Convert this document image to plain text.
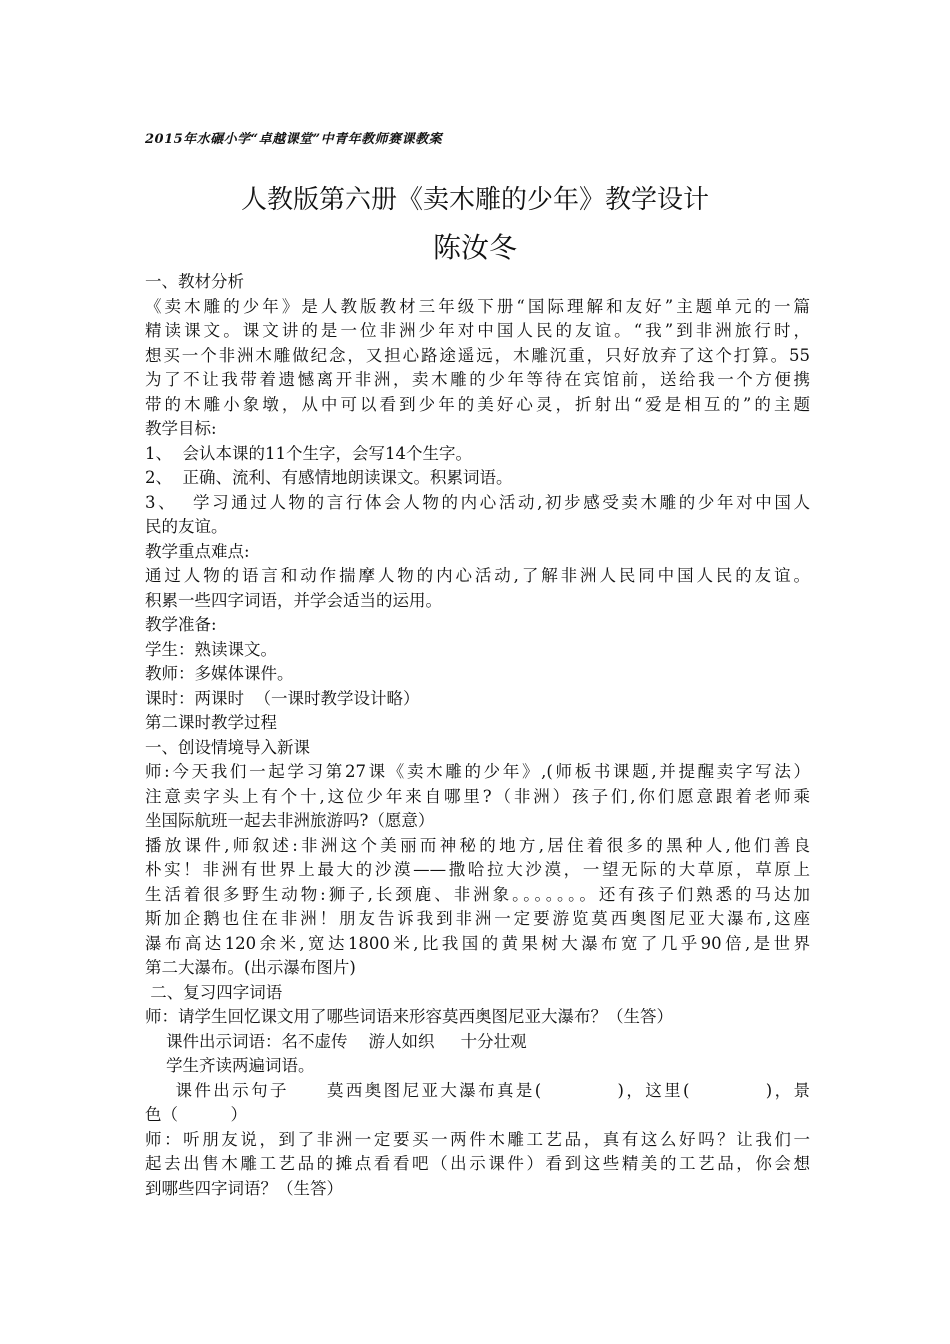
2015年水碾小学“卓越课堂”中青年教师赛课教案
人教版第六册《卖木雕的少年》教学设计
陈汝冬
一、教材分析
《卖木雕的少年》是人教版教材三年级下册“国际理解和友好”主题单元的一篇
精读课文。课文讲的是一位非洲少年对中国人民的友谊。“我”到非洲旅行时，
想买一个非洲木雕做纪念，又担心路途遥远，木雕沉重，只好放弃了这个打算。55
为了不让我带着遗憾离开非洲，卖木雕的少年等待在宾馆前，送给我一个方便携
带的木雕小象墩，从中可以看到少年的美好心灵，折射出“爱是相互的”的主题
教学目标:
1、  会认本课的11个生字，会写14个生字。
2、  正确、流利、有感情地朗读课文。积累词语。
3、  学习通过人物的言行体会人物的内心活动,初步感受卖木雕的少年对中国人
民的友谊。
教学重点难点:
通过人物的语言和动作揣摩人物的内心活动,了解非洲人民同中国人民的友谊。
积累一些四字词语，并学会适当的运用。
教学准备:
学生：熟读课文。
教师：多媒体课件。
课时：两课时  （一课时教学设计略）
第二课时教学过程
一、创设情境导入新课
师:今天我们一起学习第27课《卖木雕的少年》,(师板书课题,并提醒卖字写法）
注意卖字头上有个十,这位少年来自哪里?（非洲）孩子们,你们愿意跟着老师乘
坐国际航班一起去非洲旅游吗?（愿意）
播放课件,师叙述:非洲这个美丽而神秘的地方,居住着很多的黑种人,他们善良
朴实！非洲有世界上最大的沙漠——撒哈拉大沙漠，一望无际的大草原，草原上
生活着很多野生动物:狮子,长颈鹿、非洲象。。。。。。。还有孩子们熟悉的马达加
斯加企鹅也住在非洲！朋友告诉我到非洲一定要游览莫西奥图尼亚大瀑布,这座
瀑布高达120余米,宽达1800米,比我国的黄果树大瀑布宽了几乎90倍,是世界
第二大瀑布。(出示瀑布图片)
二、复习四字词语
师：请学生回忆课文用了哪些词语来形容莫西奥图尼亚大瀑布？（生答）
课件出示词语：名不虚传    游人如织     十分壮观
学生齐读两遍词语。
课件出示句子     莫西奥图尼亚大瀑布真是(          )，这里(          )，景
色（          ）
师：听朋友说，到了非洲一定要买一两件木雕工艺品，真有这么好吗？让我们一
起去出售木雕工艺品的摊点看看吧（出示课件）看到这些精美的工艺品，你会想
到哪些四字词语？（生答）
